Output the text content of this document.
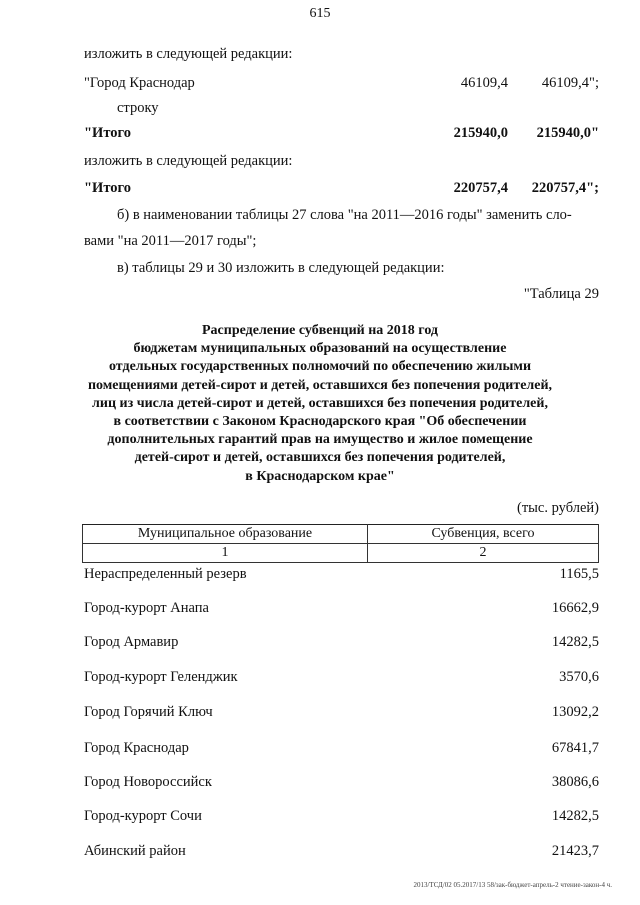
615
изложить в следующей редакции:
"Город Краснодар	46109,4 46109,4";
строку
"Итого	215940,0 215940,0"
изложить в следующей редакции:
"Итого	220757,4 220757,4";
б) в наименовании таблицы 27 слова "на 2011—2016 годы" заменить сло-
вами "на 2011—2017 годы";
в) таблицы 29 и 30 изложить в следующей редакции:
"Таблица 29
Распределение субвенций на 2018 год
бюджетам муниципальных образований на осуществление
отдельных государственных полномочий по обеспечению жилыми
помещениями детей-сирот и детей, оставшихся без попечения родителей,
лиц из числа детей-сирот и детей, оставшихся без попечения родителей,
в соответствии с Законом Краснодарского края "Об обеспечении
дополнительных гарантий прав на имущество и жилое помещение
детей-сирот и детей, оставшихся без попечения родителей,
в Краснодарском крае"
(тыс. рублей)
Муниципальное образование	Субвенция, всего
1	2
Нераспределенный резерв	1165,5
Город-курорт Анапа	16662,9
Город Армавир	14282,5
Город-курорт Геленджик	3570,6
Город Горячий Ключ	13092,2
Город Краснодар	67841,7
Город Новороссийск	38086,6
Город-курорт Сочи	14282,5
Абинский район	21423,7
2013/ТСД/02 05.2017/13 58/зак-бюджет-апрель-2 чтение-закон-4 ч.
